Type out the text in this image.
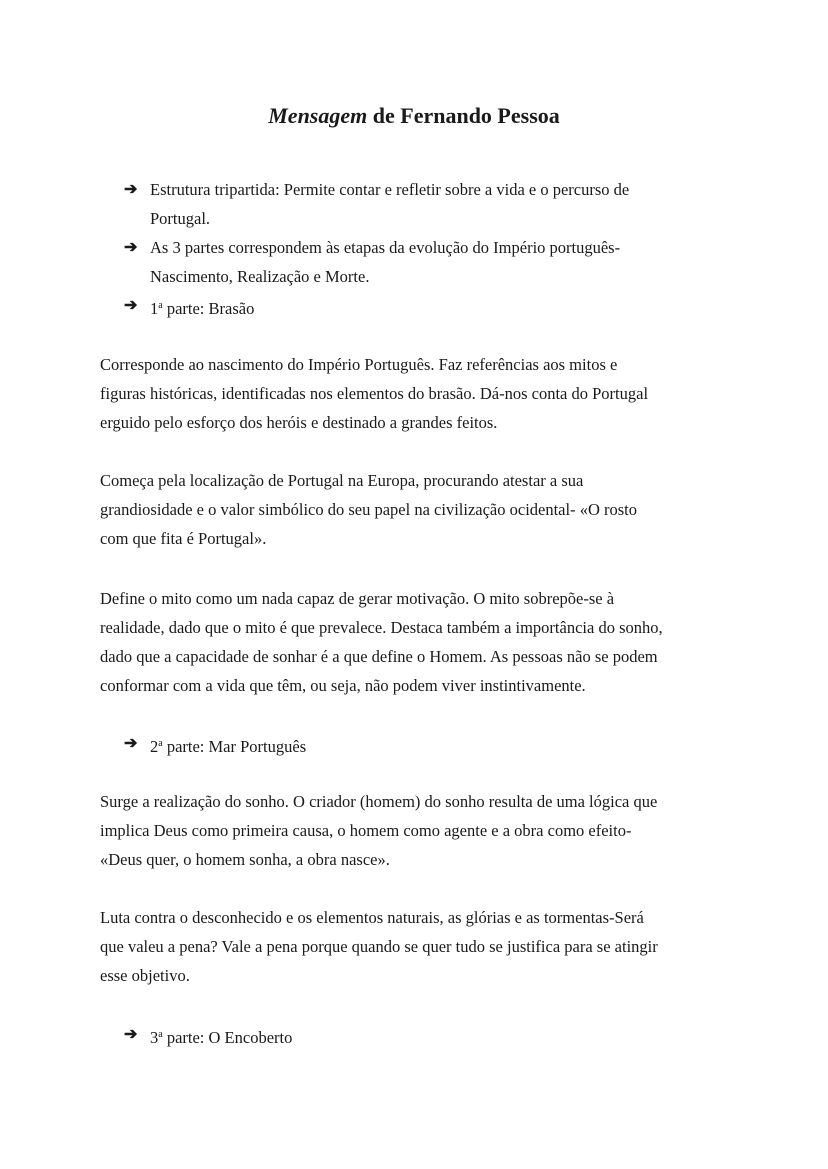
Mensagem de Fernando Pessoa
➔ Estrutura tripartida: Permite contar e refletir sobre a vida e o percurso de
Portugal.
➔ As 3 partes correspondem às etapas da evolução do Império português-
Nascimento, Realização e Morte.
➔ 1$^a$ parte: Brasão
Corresponde ao nascimento do Império Português. Faz referências aos mitos e
figuras históricas, identificadas nos elementos do brasão. Dá-nos conta do Portugal
erguido pelo esforço dos heróis e destinado a grandes feitos.
Começa pela localização de Portugal na Europa, procurando atestar a sua
grandiosidade e o valor simbólico do seu papel na civilização ocidental- «O rosto
com que fita é Portugal».
Define o mito como um nada capaz de gerar motivação. O mito sobrepõe-se à
realidade, dado que o mito é que prevalece. Destaca também a importância do sonho,
dado que a capacidade de sonhar é a que define o Homem. As pessoas não se podem
conformar com a vida que têm, ou seja, não podem viver instintivamente.
➔ 2$^a$ parte: Mar Português
Surge a realização do sonho. O criador (homem) do sonho resulta de uma lógica que
implica Deus como primeira causa, o homem como agente e a obra como efeito-
«Deus quer, o homem sonha, a obra nasce».
Luta contra o desconhecido e os elementos naturais, as glórias e as tormentas-Será
que valeu a pena? Vale a pena porque quando se quer tudo se justifica para se atingir
esse objetivo.
➔ 3$^a$ parte: O Encoberto
